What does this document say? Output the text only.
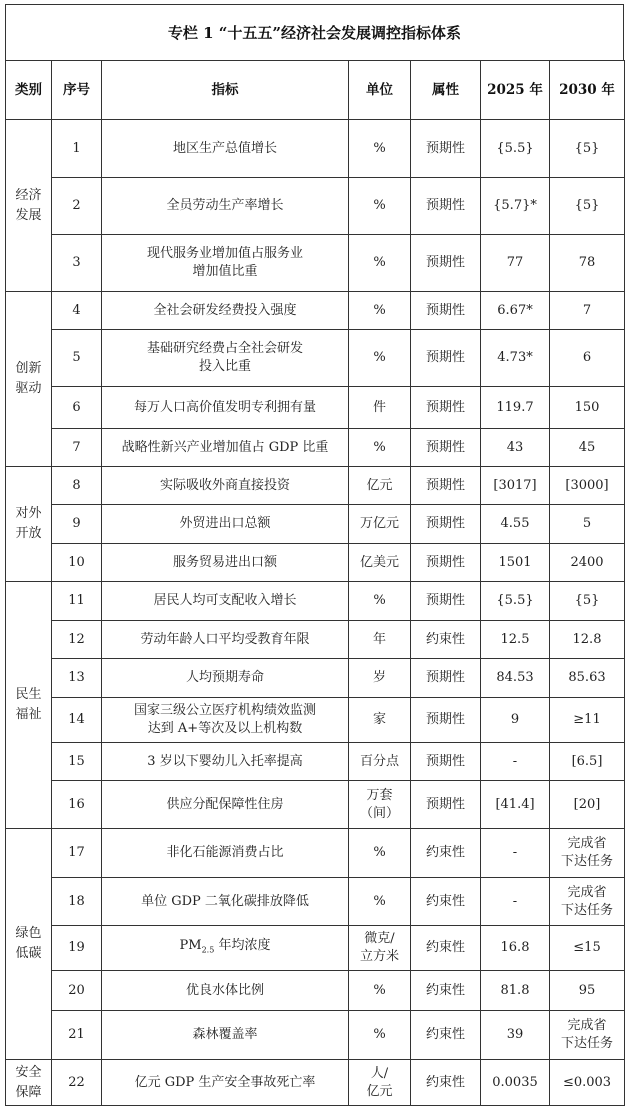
专栏 1 “十五五”经济社会发展调控指标体系
类别	序号	指标	单位	属性	2025 年	2030 年
经济
发展	1	地区生产总值增长	%	预期性	{5.5}	{5}
	2	全员劳动生产率增长	%	预期性	{5.7}*	{5}
	3	现代服务业增加值占服务业
增加值比重	%	预期性	77	78
创新
驱动	4	全社会研发经费投入强度	%	预期性	6.67*	7
	5	基础研究经费占全社会研发
投入比重	%	预期性	4.73*	6
	6	每万人口高价值发明专利拥有量	件	预期性	119.7	150
	7	战略性新兴产业增加值占 GDP 比重	%	预期性	43	45
对外
开放	8	实际吸收外商直接投资	亿元	预期性	[3017]	[3000]
	9	外贸进出口总额	万亿元	预期性	4.55	5
	10	服务贸易进出口额	亿美元	预期性	1501	2400
民生
福祉	11	居民人均可支配收入增长	%	预期性	{5.5}	{5}
	12	劳动年龄人口平均受教育年限	年	约束性	12.5	12.8
	13	人均预期寿命	岁	预期性	84.53	85.63
	14	国家三级公立医疗机构绩效监测
达到 A+等次及以上机构数	家	预期性	9	≥11
	15	3 岁以下婴幼儿入托率提高	百分点	预期性	-	[6.5]
	16	供应分配保障性住房	万套
（间）	预期性	[41.4]	[20]
绿色
低碳	17	非化石能源消费占比	%	约束性	-	完成省
下达任务
	18	单位 GDP 二氧化碳排放降低	%	约束性	-	完成省
下达任务
	19	$PM_{2.5}$ 年均浓度	微克/
立方米	约束性	16.8	≤15
	20	优良水体比例	%	约束性	81.8	95
	21	森林覆盖率	%	约束性	39	完成省
下达任务
安全
保障	22	亿元 GDP 生产安全事故死亡率	人/
亿元	约束性	0.0035	≤0.003
